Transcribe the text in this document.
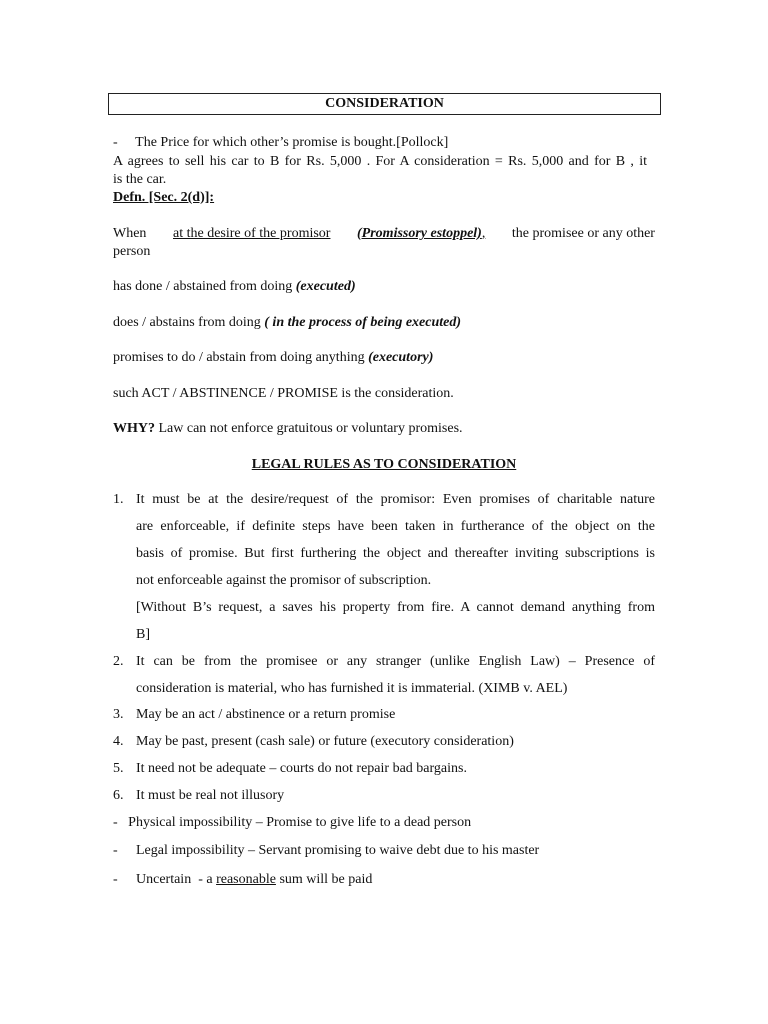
CONSIDERATION
-     The Price for which other’s promise is bought.[Pollock]
A agrees to sell his car to B for Rs. 5,000 . For A consideration = Rs. 5,000 and for B , it
is the car.
Defn. [Sec. 2(d)]:
When at the desire of the promisor (Promissory estoppel), the promisee or any other
person
has done / abstained from doing (executed)
does / abstains from doing ( in the process of being executed)
promises to do / abstain from doing anything (executory)
such ACT / ABSTINENCE / PROMISE is the consideration.
WHY? Law can not enforce gratuitous or voluntary promises.
LEGAL RULES AS TO CONSIDERATION
1. It must be at the desire/request of the promisor: Even promises of charitable nature
are enforceable, if definite steps have been taken in furtherance of the object on the
basis of promise. But first furthering the object and thereafter inviting subscriptions is
not enforceable against the promisor of subscription.
[Without B’s request, a saves his property from fire. A cannot demand anything from
B]
2. It can be from the promisee or any stranger (unlike English Law) – Presence of
consideration is material, who has furnished it is immaterial. (XIMB v. AEL)
3. May be an act / abstinence or a return promise
4. May be past, present (cash sale) or future (executory consideration)
5. It need not be adequate – courts do not repair bad bargains.
6. It must be real not illusory
-   Physical impossibility – Promise to give life to a dead person
- Legal impossibility – Servant promising to waive debt due to his master
- Uncertain  - a reasonable sum will be paid
